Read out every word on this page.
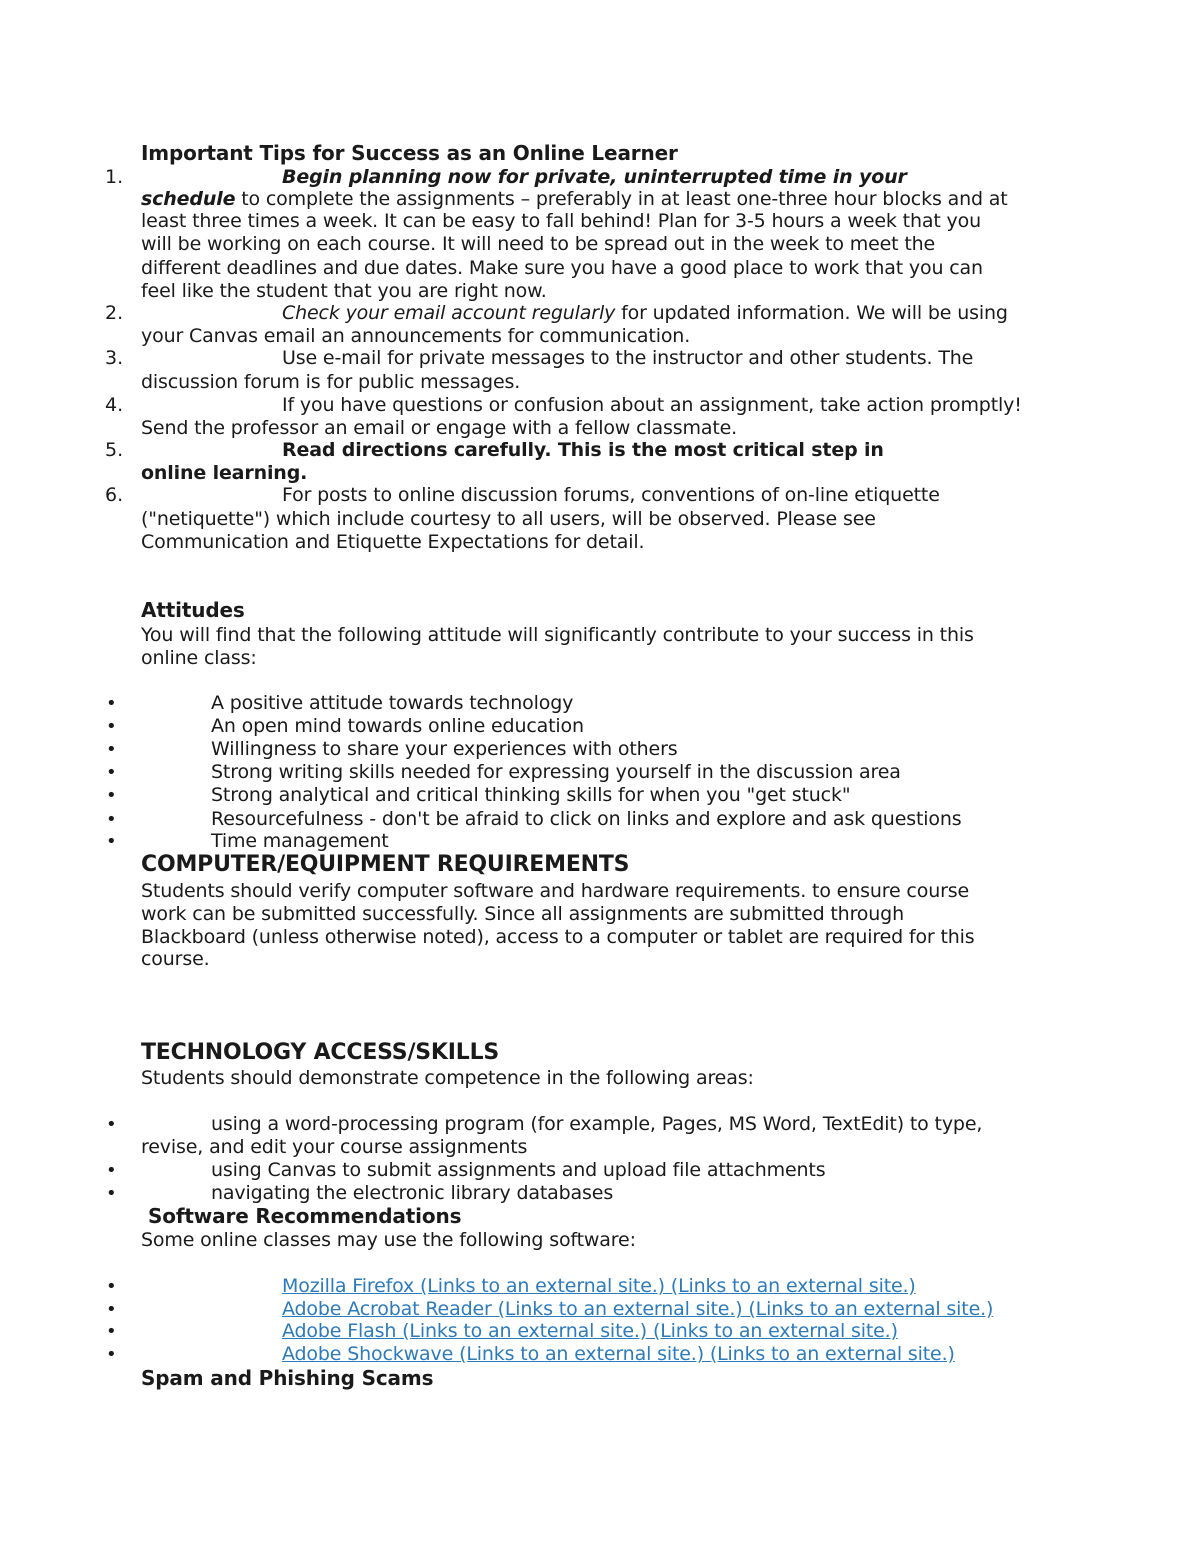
Important Tips for Success as an Online Learner

1.	Begin planning now for private, uninterrupted time in your

schedule to complete the assignments – preferably in at least one-three hour blocks and at

least three times a week. It can be easy to fall behind! Plan for 3-5 hours a week that you

will be working on each course. It will need to be spread out in the week to meet the

different deadlines and due dates. Make sure you have a good place to work that you can

feel like the student that you are right now.

2.	Check your email account regularly for updated information. We will be using

your Canvas email an announcements for communication.

3.	Use e-mail for private messages to the instructor and other students. The

discussion forum is for public messages.

4.	If you have questions or confusion about an assignment, take action promptly!

Send the professor an email or engage with a fellow classmate.

5.	Read directions carefully. This is the most critical step in

online learning.

6.	For posts to online discussion forums, conventions of on-line etiquette

("netiquette") which include courtesy to all users, will be observed. Please see

Communication and Etiquette Expectations for detail.

Attitudes

You will find that the following attitude will significantly contribute to your success in this

online class:

•	A positive attitude towards technology

•	An open mind towards online education

•	Willingness to share your experiences with others

•	Strong writing skills needed for expressing yourself in the discussion area

•	Strong analytical and critical thinking skills for when you "get stuck"

•	Resourcefulness - don't be afraid to click on links and explore and ask questions

•	Time management

COMPUTER/EQUIPMENT REQUIREMENTS

Students should verify computer software and hardware requirements. to ensure course

work can be submitted successfully. Since all assignments are submitted through

Blackboard (unless otherwise noted), access to a computer or tablet are required for this

course.

TECHNOLOGY ACCESS/SKILLS

Students should demonstrate competence in the following areas:

•	using a word-processing program (for example, Pages, MS Word, TextEdit) to type,

revise, and edit your course assignments

•	using Canvas to submit assignments and upload file attachments

•	navigating the electronic library databases

Software Recommendations

Some online classes may use the following software:

•	Mozilla Firefox (Links to an external site.) (Links to an external site.)

•	Adobe Acrobat Reader (Links to an external site.) (Links to an external site.)

•	Adobe Flash (Links to an external site.) (Links to an external site.)

•	Adobe Shockwave (Links to an external site.) (Links to an external site.)

Spam and Phishing Scams
